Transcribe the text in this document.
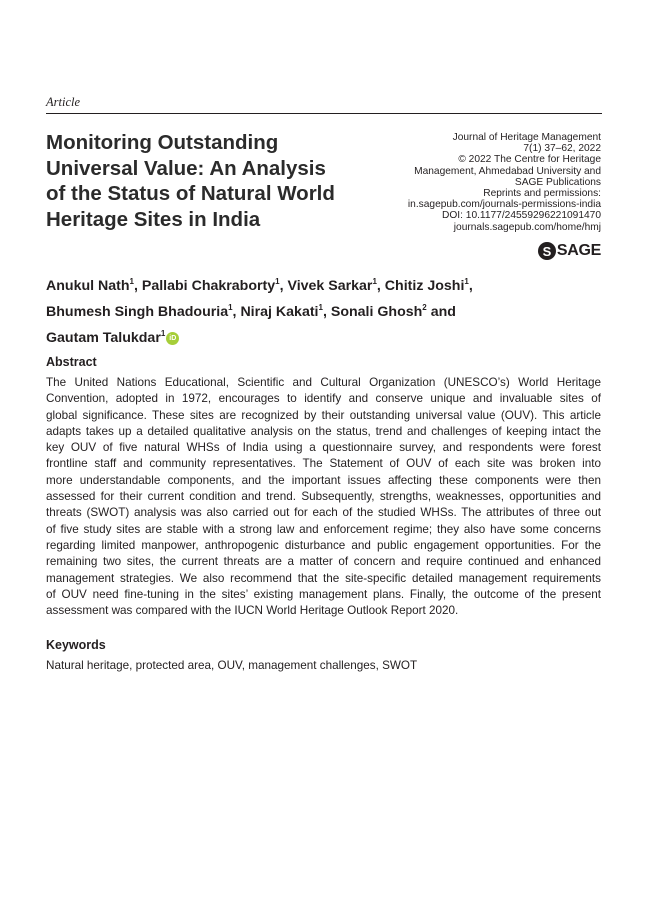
Article
Monitoring Outstanding
Universal Value: An Analysis
of the Status of Natural World
Heritage Sites in India
Journal of Heritage Management
7(1) 37–62, 2022
© 2022 The Centre for Heritage
Management, Ahmedabad University and
SAGE Publications
Reprints and permissions:
in.sagepub.com/journals-permissions-india
DOI: 10.1177/24559296221091470
journals.sagepub.com/home/hmj
S SAGE
Anukul Nath$^1$, Pallabi Chakraborty$^1$, Vivek Sarkar$^1$, Chitiz Joshi$^1$,
Bhumesh Singh Bhadouria$^1$, Niraj Kakati$^1$, Sonali Ghosh$^2$ and
Gautam Talukdar$^1$iD
Abstract
The United Nations Educational, Scientific and Cultural Organization (UNESCO’s) World Heritage
Convention, adopted in 1972, encourages to identify and conserve unique and invaluable sites of
global significance. These sites are recognized by their outstanding universal value (OUV). This article
adapts takes up a detailed qualitative analysis on the status, trend and challenges of keeping intact the
key OUV of five natural WHSs of India using a questionnaire survey, and respondents were forest
frontline staff and community representatives. The Statement of OUV of each site was broken into
more understandable components, and the important issues affecting these components were then
assessed for their current condition and trend. Subsequently, strengths, weaknesses, opportunities and
threats (SWOT) analysis was also carried out for each of the studied WHSs. The attributes of three out
of five study sites are stable with a strong law and enforcement regime; they also have some concerns
regarding limited manpower, anthropogenic disturbance and public engagement opportunities. For the
remaining two sites, the current threats are a matter of concern and require continued and enhanced
management strategies. We also recommend that the site-specific detailed management requirements
of OUV need fine-tuning in the sites’ existing management plans. Finally, the outcome of the present
assessment was compared with the IUCN World Heritage Outlook Report 2020.
Keywords
Natural heritage, protected area, OUV, management challenges, SWOT
